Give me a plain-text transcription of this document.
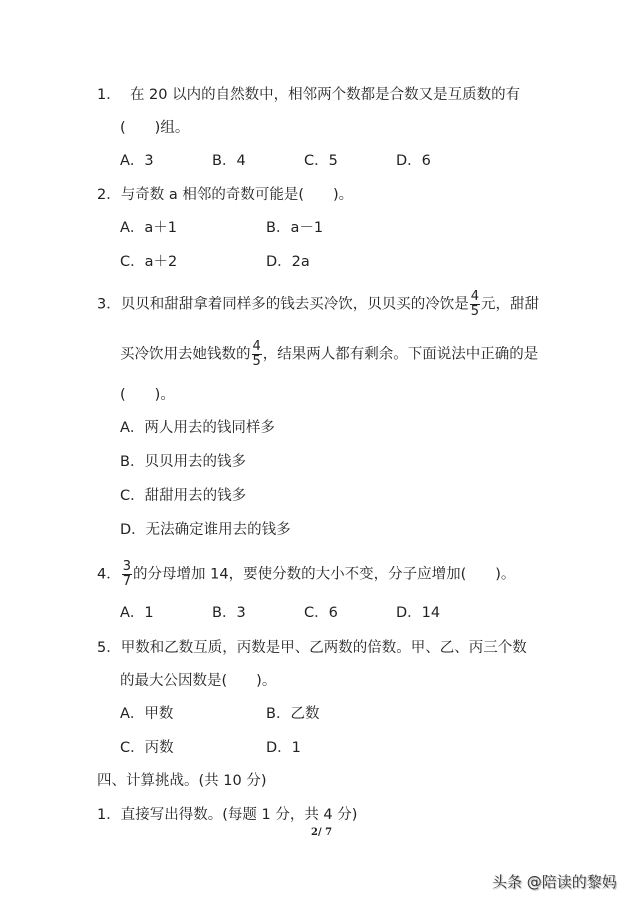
1． 在 20 以内的自然数中，相邻两个数都是合数又是互质数的有
(　　)组。
A．3	B．4	C．5	D．6
2．与奇数 a 相邻的奇数可能是(　　)。
A．a＋1	B．a－1
C．a＋2	D．2a
3．贝贝和甜甜拿着同样多的钱去买冷饮，贝贝买的冷饮是 $\frac{4}{5}$ 元，甜甜
买冷饮用去她钱数的 $\frac{4}{5}$ ，结果两人都有剩余。下面说法中正确的是
(　　)。
A．两人用去的钱同样多
B．贝贝用去的钱多
C．甜甜用去的钱多
D．无法确定谁用去的钱多
4． $\frac{3}{7}$ 的分母增加 14，要使分数的大小不变，分子应增加(　　)。
A．1	B．3	C．6	D．14
5．甲数和乙数互质，丙数是甲、乙两数的倍数。甲、乙、丙三个数
的最大公因数是(　　)。
A．甲数	B．乙数
C．丙数	D．1
四、计算挑战。(共 10 分)
1．直接写出得数。(每题 1 分，共 4 分)
2/ 7
头条 @陪读的黎妈
